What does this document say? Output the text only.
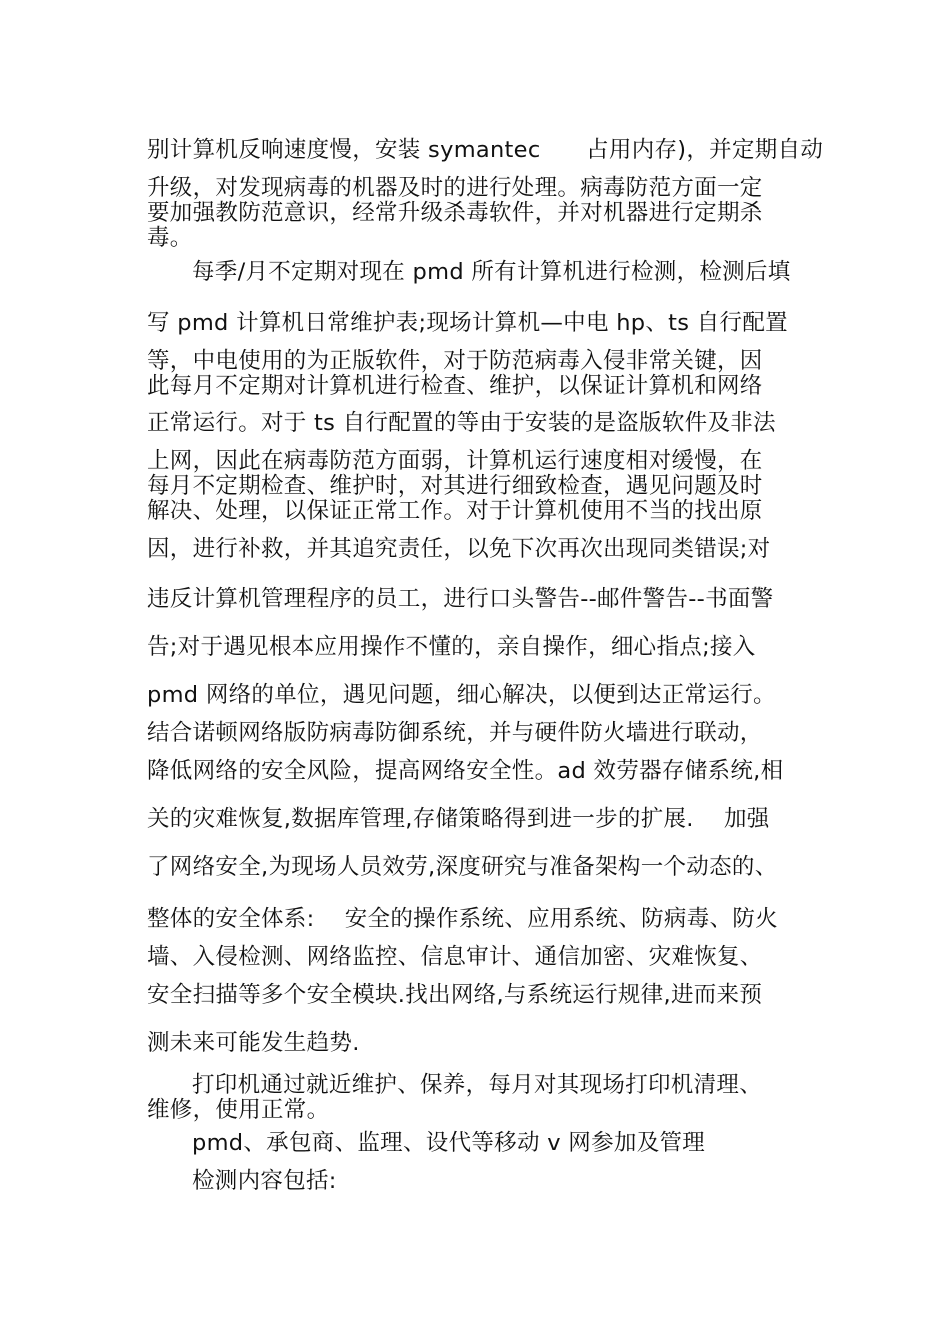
别计算机反响速度慢，安装 symantec　　占用内存)，并定期自动
升级，对发现病毒的机器及时的进行处理。病毒防范方面一定
要加强教防范意识，经常升级杀毒软件，并对机器进行定期杀
毒。
每季/月不定期对现在 pmd 所有计算机进行检测，检测后填
写 pmd 计算机日常维护表;现场计算机—中电 hp、ts 自行配置
等，中电使用的为正版软件，对于防范病毒入侵非常关键，因
此每月不定期对计算机进行检查、维护，以保证计算机和网络
正常运行。对于 ts 自行配置的等由于安装的是盗版软件及非法
上网，因此在病毒防范方面弱，计算机运行速度相对缓慢，在
每月不定期检查、维护时，对其进行细致检查，遇见问题及时
解决、处理，以保证正常工作。对于计算机使用不当的找出原
因，进行补救，并其追究责任，以免下次再次出现同类错误;对
违反计算机管理程序的员工，进行口头警告--邮件警告--书面警
告;对于遇见根本应用操作不懂的，亲自操作，细心指点;接入
pmd 网络的单位，遇见问题，细心解决，以便到达正常运行。
结合诺顿网络版防病毒防御系统，并与硬件防火墙进行联动，
降低网络的安全风险，提高网络安全性。ad 效劳器存储系统,相
关的灾难恢复,数据库管理,存储策略得到进一步的扩展.　 加强
了网络安全,为现场人员效劳,深度研究与准备架构一个动态的、
整体的安全体系:　 安全的操作系统、应用系统、防病毒、防火
墙、入侵检测、网络监控、信息审计、通信加密、灾难恢复、
安全扫描等多个安全模块.找出网络,与系统运行规律,进而来预
测未来可能发生趋势.
打印机通过就近维护、保养，每月对其现场打印机清理、
维修，使用正常。
pmd、承包商、监理、设代等移动 v 网参加及管理
检测内容包括:
